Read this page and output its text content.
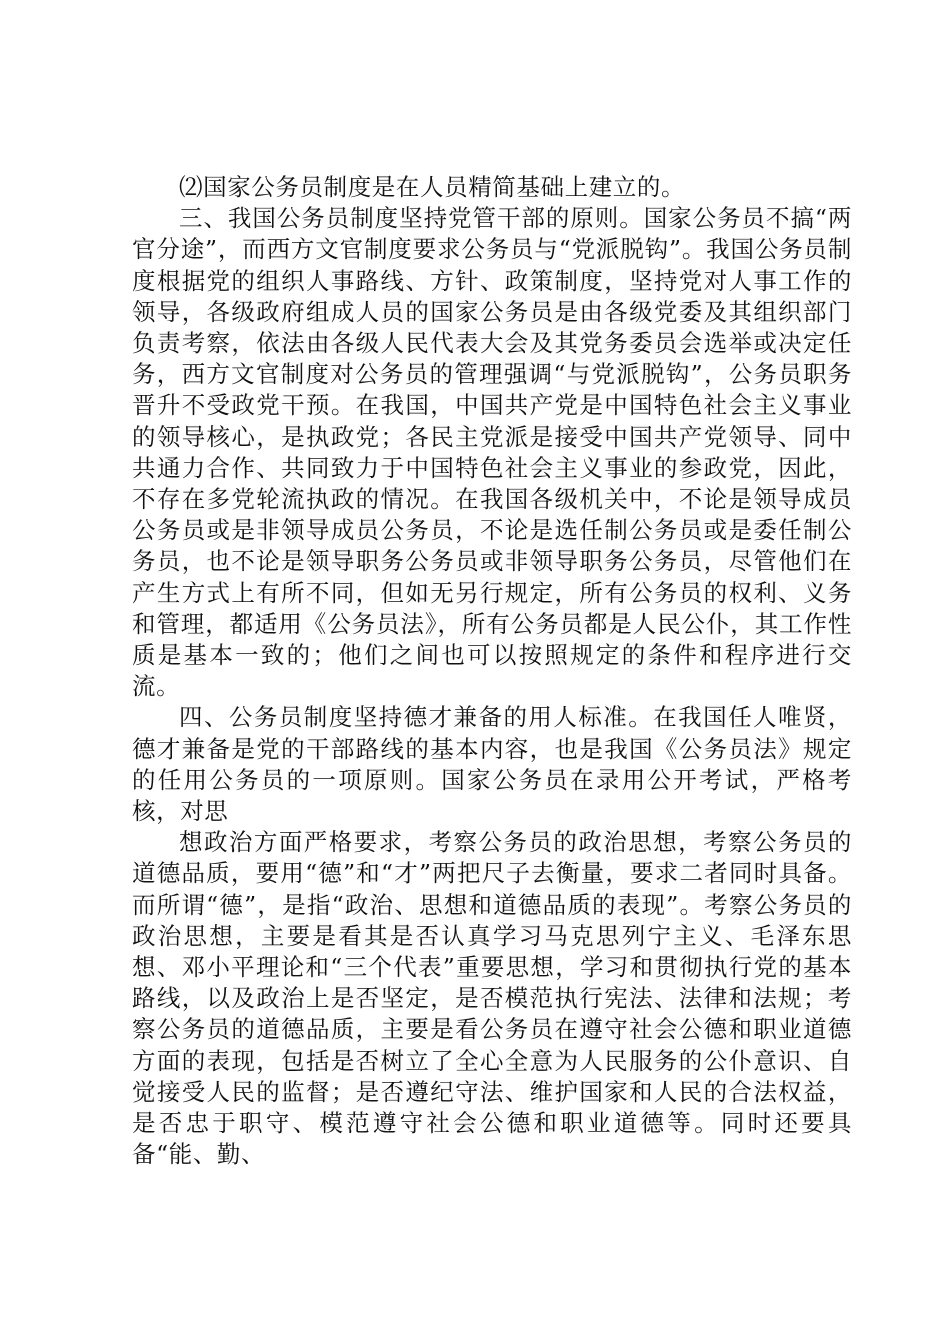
⑵国家公务员制度是在人员精简基础上建立的。

三、我国公务员制度坚持党管干部的原则。国家公务员不搞“两官分途”，而西方文官制度要求公务员与“党派脱钩”。我国公务员制度根据党的组织人事路线、方针、政策制度，坚持党对人事工作的领导，各级政府组成人员的国家公务员是由各级党委及其组织部门负责考察，依法由各级人民代表大会及其党务委员会选举或决定任务，西方文官制度对公务员的管理强调“与党派脱钩”，公务员职务晋升不受政党干预。在我国，中国共产党是中国特色社会主义事业的领导核心，是执政党；各民主党派是接受中国共产党领导、同中共通力合作、共同致力于中国特色社会主义事业的参政党，因此，不存在多党轮流执政的情况。在我国各级机关中，不论是领导成员公务员或是非领导成员公务员，不论是选任制公务员或是委任制公务员，也不论是领导职务公务员或非领导职务公务员，尽管他们在产生方式上有所不同，但如无另行规定，所有公务员的权利、义务和管理，都适用《公务员法》，所有公务员都是人民公仆，其工作性质是基本一致的；他们之间也可以按照规定的条件和程序进行交流。

四、公务员制度坚持德才兼备的用人标准。在我国任人唯贤，德才兼备是党的干部路线的基本内容，也是我国《公务员法》规定的任用公务员的一项原则。国家公务员在录用公开考试，严格考核，对思

想政治方面严格要求，考察公务员的政治思想，考察公务员的道德品质，要用“德”和“才”两把尺子去衡量，要求二者同时具备。而所谓“德”，是指“政治、思想和道德品质的表现”。考察公务员的政治思想，主要是看其是否认真学习马克思列宁主义、毛泽东思想、邓小平理论和“三个代表”重要思想，学习和贯彻执行党的基本路线，以及政治上是否坚定，是否模范执行宪法、法律和法规；考察公务员的道德品质，主要是看公务员在遵守社会公德和职业道德方面的表现，包括是否树立了全心全意为人民服务的公仆意识、自觉接受人民的监督；是否遵纪守法、维护国家和人民的合法权益，是否忠于职守、模范遵守社会公德和职业道德等。同时还要具备“能、勤、
